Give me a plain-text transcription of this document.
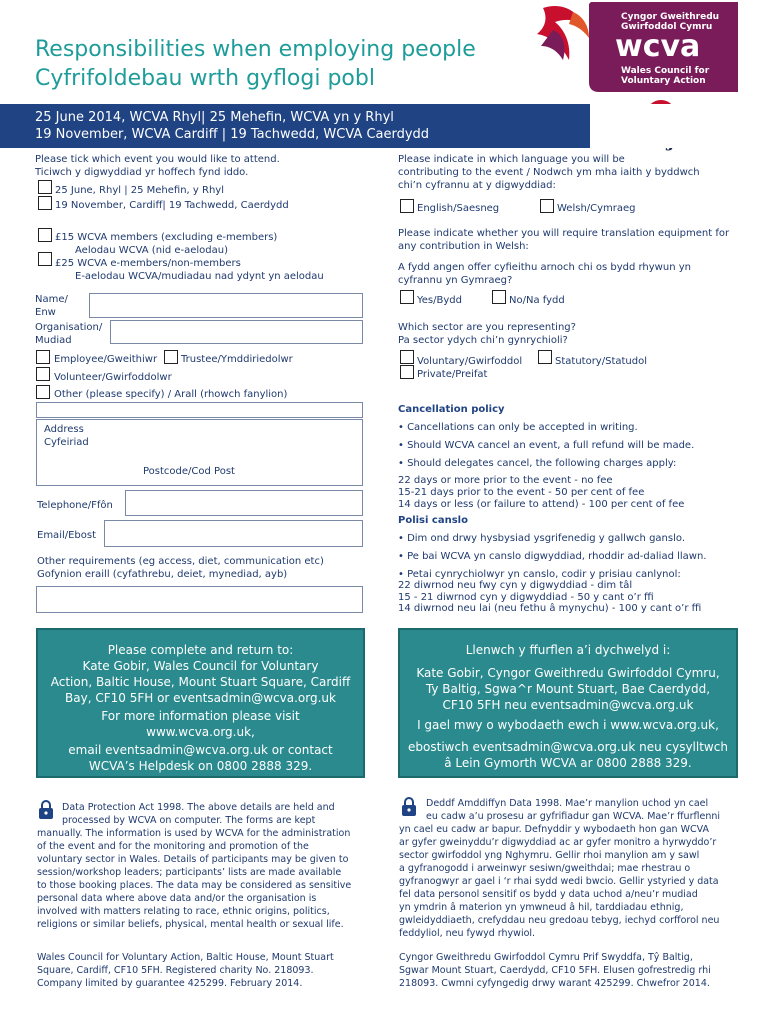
Responsibilities when employing people
Cyfrifoldebau wrth gyflogi pobl
Cyngor Gweithredu
Gwirfoddol Cymru
wcva
Wales Council for
Voluntary Action
25 June 2014, WCVA Rhyl| 25 Mehefin, WCVA yn y Rhyl
19 November, WCVA Cardiff | 19 Tachwedd, WCVA Caerdydd
Please tick which event you would like to attend.
Ticiwch y digwyddiad yr hoffech fynd iddo.
25 June, Rhyl | 25 Mehefin, y Rhyl
19 November, Cardiff| 19 Tachwedd, Caerdydd
£15 WCVA members (excluding e-members)
Aelodau WCVA (nid e-aelodau)
£25 WCVA e-members/non-members
E-aelodau WCVA/mudiadau nad ydynt yn aelodau
Name/
Enw
Organisation/
Mudiad
Employee/Gweithiwr Trustee/Ymddiriedolwr
Volunteer/Gwirfoddolwr
Other (please specify) / Arall (rhowch fanylion)
Address
Cyfeiriad
Postcode/Cod Post
Telephone/Ffôn
Email/Ebost
Other requirements (eg access, diet, communication etc)
Gofynion eraill (cyfathrebu, deiet, mynediad, ayb)
Please indicate in which language you will be
contributing to the event / Nodwch ym mha iaith y byddwch
chi’n cyfrannu at y digwyddiad:
English/Saesneg	Welsh/Cymraeg
Please indicate whether you will require translation equipment for
any contribution in Welsh:
A fydd angen offer cyfieithu arnoch chi os bydd rhywun yn
cyfrannu yn Gymraeg?
Yes/Bydd	No/Na fydd
Which sector are you representing?
Pa sector ydych chi’n gynrychioli?
Voluntary/Gwirfoddol	Statutory/Statudol
Private/Preifat
Cancellation policy
• Cancellations can only be accepted in writing.
• Should WCVA cancel an event, a full refund will be made.
• Should delegates cancel, the following charges apply:
22 days or more prior to the event - no fee
15-21 days prior to the event - 50 per cent of fee
14 days or less (or failure to attend) - 100 per cent of fee
Polisi canslo
• Dim ond drwy hysbysiad ysgrifenedig y gallwch ganslo.
• Pe bai WCVA yn canslo digwyddiad, rhoddir ad-daliad llawn.
• Petai cynrychiolwyr yn canslo, codir y prisiau canlynol:
22 diwrnod neu fwy cyn y digwyddiad - dim tâl
15 - 21 diwrnod cyn y digwyddiad - 50 y cant o’r ffi
14 diwrnod neu lai (neu fethu â mynychu) - 100 y cant o’r ffi
Please complete and return to:
Kate Gobir, Wales Council for Voluntary
Action, Baltic House, Mount Stuart Square, Cardiff
Bay, CF10 5FH or eventsadmin@wcva.org.uk
For more information please visit
www.wcva.org.uk,
email eventsadmin@wcva.org.uk or contact
WCVA’s Helpdesk on 0800 2888 329.
Llenwch y ffurflen a’i dychwelyd i:
Kate Gobir, Cyngor Gweithredu Gwirfoddol Cymru,
Ty Baltig, Sgwa^r Mount Stuart, Bae Caerdydd,
CF10 5FH neu eventsadmin@wcva.org.uk
I gael mwy o wybodaeth ewch i www.wcva.org.uk,
ebostiwch eventsadmin@wcva.org.uk neu cysylltwch
â Lein Gymorth WCVA ar 0800 2888 329.
Data Protection Act 1998. The above details are held and
processed by WCVA on computer. The forms are kept
manually. The information is used by WCVA for the administration
of the event and for the monitoring and promotion of the
voluntary sector in Wales. Details of participants may be given to
session/workshop leaders; participants’ lists are made available
to those booking places. The data may be considered as sensitive
personal data where above data and/or the organisation is
involved with matters relating to race, ethnic origins, politics,
religions or similar beliefs, physical, mental health or sexual life.
Wales Council for Voluntary Action, Baltic House, Mount Stuart
Square, Cardiff, CF10 5FH. Registered charity No. 218093.
Company limited by guarantee 425299. February 2014.
Deddf Amddiffyn Data 1998. Mae’r manylion uchod yn cael
eu cadw a’u prosesu ar gyfrifiadur gan WCVA. Mae’r ffurflenni
yn cael eu cadw ar bapur. Defnyddir y wybodaeth hon gan WCVA
ar gyfer gweinyddu’r digwyddiad ac ar gyfer monitro a hyrwyddo’r
sector gwirfoddol yng Nghymru. Gellir rhoi manylion am y sawl
a gyfranogodd i arweinwyr sesiwn/gweithdai; mae rhestrau o
gyfranogwyr ar gael i ‘r rhai sydd wedi bwcio. Gellir ystyried y data
fel data personol sensitif os bydd y data uchod a/neu’r mudiad
yn ymdrin â materion yn ymwneud â hil, tarddiadau ethnig,
gwleidyddiaeth, crefyddau neu gredoau tebyg, iechyd corfforol neu
feddyliol, neu fywyd rhywiol.
Cyngor Gweithredu Gwirfoddol Cymru Prif Swyddfa, Tŷ Baltig,
Sgwar Mount Stuart, Caerdydd, CF10 5FH. Elusen gofrestredig rhi
218093. Cwmni cyfyngedig drwy warant 425299. Chwefror 2014.
